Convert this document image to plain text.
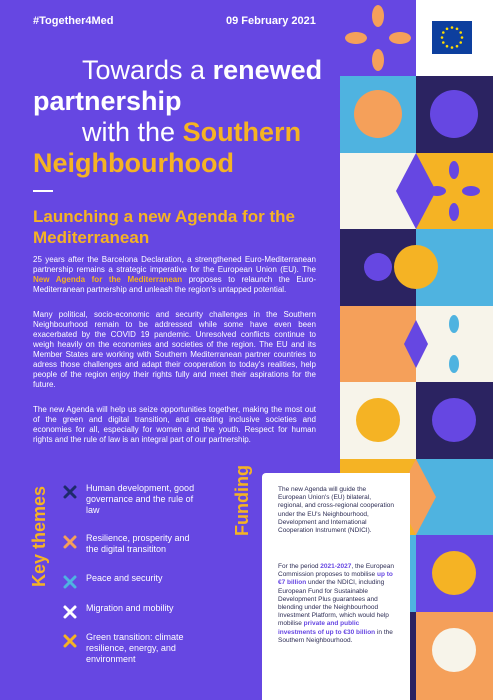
#Together4Med	09 February 2021
Towards a renewed
partnership
with the Southern
Neighbourhood
Launching a new Agenda for the Mediterranean
25 years after the Barcelona Declaration, a strengthened Euro-Mediterranean partnership remains a strategic imperative for the European Union (EU). The New Agenda for the Mediterranean proposes to relaunch the Euro-Mediterranean partnership and unleash the region's untapped potential.
Many political, socio-economic and security challenges in the Southern Neighbourhood remain to be addressed while some have even been exacerbated by the COVID 19 pandemic. Unresolved conflicts continue to weigh heavily on the economies and societies of the region. The EU and its Member States are working with Southern Mediterranean partner countries to adress those challenges and adapt their cooperation to today's realities, help people of the region enjoy their rights fully and meet their aspirations for the future.
The new Agenda will help us seize opportunities together, making the most out of the green and digital transition, and creating inclusive societies and economies for all, especially for women and the youth. Respect for human rights and the rule of law is an integral part of our partnership.
Key themes	Human development, good governance and the rule of law
Resilience, prosperity and the digital transititon
Peace and security
Migration and mobility
Green transition: climate resilience, energy, and environment
Funding	The new Agenda will guide the European Union's (EU) bilateral, regional, and cross-regional cooperation under the EU's Neighbourhood, Development and International Cooperation Instrument (NDICI).
For the period 2021-2027, the European Commission proposes to mobilise up to €7 billion under the NDICI, including European Fund for Sustainable Development Plus guarantees and blending under the Neighbourhood Investment Platform, which would help mobilise private and public investments of up to €30 billion in the Southern Neighbourhood.
